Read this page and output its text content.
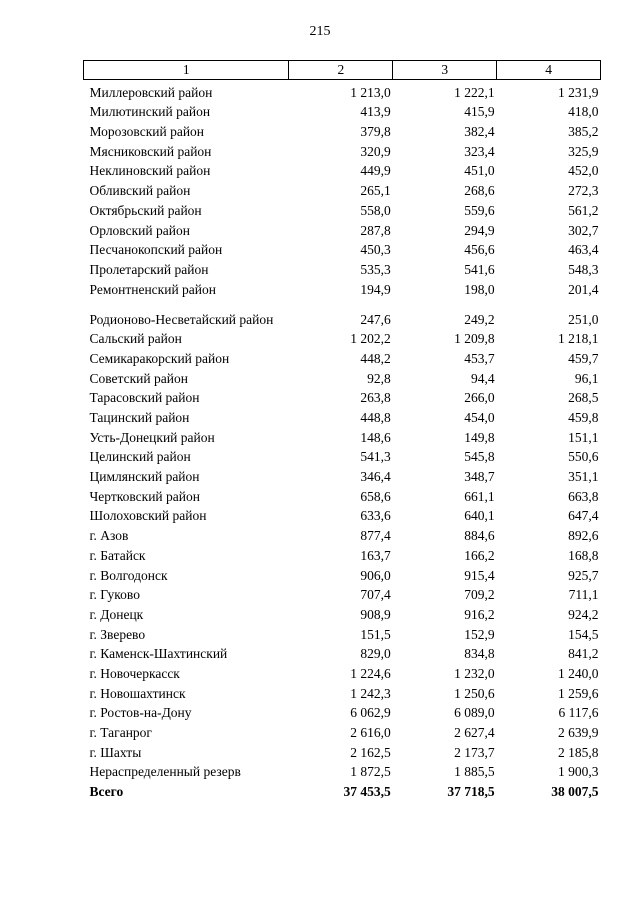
215
1	2	3	4
Миллеровский район	1 213,0	1 222,1	1 231,9
Милютинский район	413,9	415,9	418,0
Морозовский район	379,8	382,4	385,2
Мясниковский район	320,9	323,4	325,9
Неклиновский район	449,9	451,0	452,0
Обливский район	265,1	268,6	272,3
Октябрьский район	558,0	559,6	561,2
Орловский район	287,8	294,9	302,7
Песчанокопский район	450,3	456,6	463,4
Пролетарский район	535,3	541,6	548,3
Ремонтненский район	194,9	198,0	201,4
Родионово-Несветайский район	247,6	249,2	251,0
Сальский район	1 202,2	1 209,8	1 218,1
Семикаракорский район	448,2	453,7	459,7
Советский район	92,8	94,4	96,1
Тарасовский район	263,8	266,0	268,5
Тацинский район	448,8	454,0	459,8
Усть-Донецкий район	148,6	149,8	151,1
Целинский район	541,3	545,8	550,6
Цимлянский район	346,4	348,7	351,1
Чертковский район	658,6	661,1	663,8
Шолоховский район	633,6	640,1	647,4
г. Азов	877,4	884,6	892,6
г. Батайск	163,7	166,2	168,8
г. Волгодонск	906,0	915,4	925,7
г. Гуково	707,4	709,2	711,1
г. Донецк	908,9	916,2	924,2
г. Зверево	151,5	152,9	154,5
г. Каменск-Шахтинский	829,0	834,8	841,2
г. Новочеркасск	1 224,6	1 232,0	1 240,0
г. Новошахтинск	1 242,3	1 250,6	1 259,6
г. Ростов-на-Дону	6 062,9	6 089,0	6 117,6
г. Таганрог	2 616,0	2 627,4	2 639,9
г. Шахты	2 162,5	2 173,7	2 185,8
Нераспределенный резерв	1 872,5	1 885,5	1 900,3
Всего	37 453,5	37 718,5	38 007,5
